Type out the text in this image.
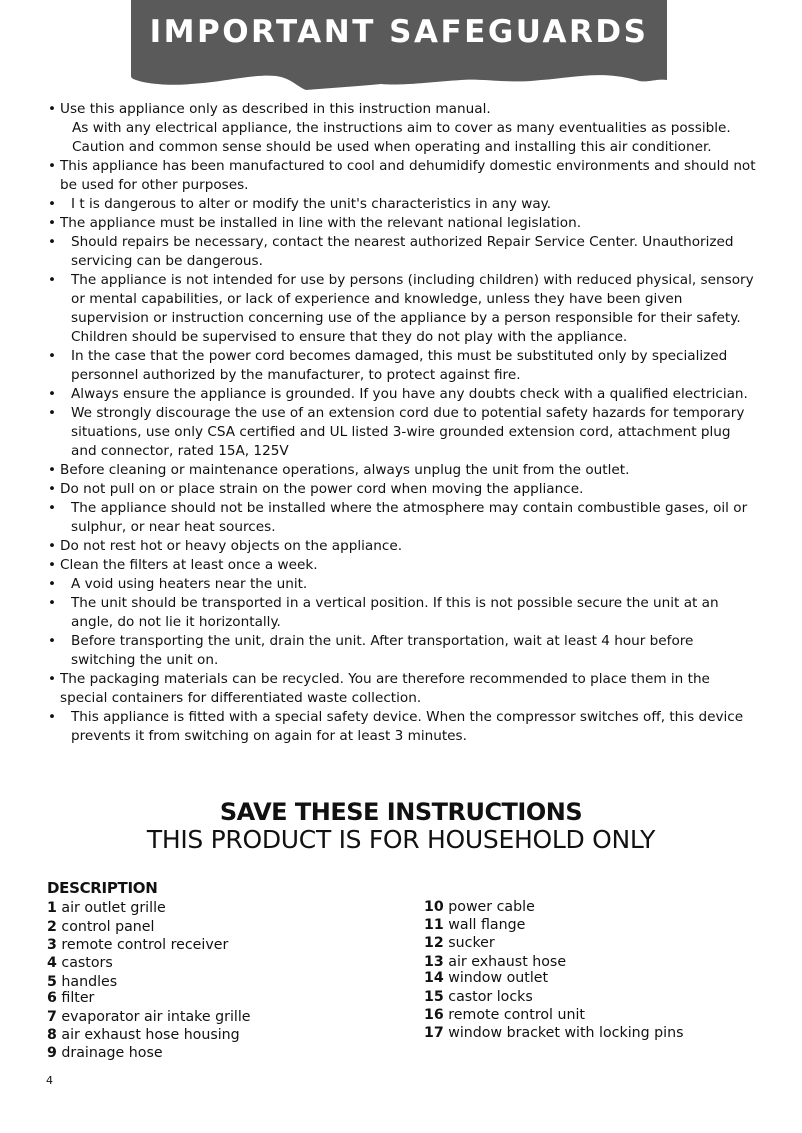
IMPORTANT SAFEGUARDS
•
Use this appliance only as described in this instruction manual.
As with any electrical appliance, the instructions aim to cover as many eventualities as possible. Caution and common sense should be used when operating and installing this air conditioner.
•
This appliance has been manufactured to cool and dehumidify domestic environments and should not be used for other purposes.
•
I t is dangerous to alter or modify the unit's characteristics in any way.
•
The appliance must be installed in line with the relevant national legislation.
•
Should repairs be necessary, contact the nearest authorized Repair Service Center. Unauthorized servicing can be dangerous.
•
The appliance is not intended for use by persons (including children) with reduced physical, sensory or mental capabilities, or lack of experience and knowledge, unless they have been given supervision or instruction concerning use of the appliance by a person responsible for their safety. Children should be supervised to ensure that they do not play with the appliance.
•
In the case that the power cord becomes damaged, this must be substituted only by specialized personnel authorized by the manufacturer, to protect against fire.
•
Always ensure the appliance is grounded. If you have any doubts check with a qualified electrician.
•
We strongly discourage the use of an extension cord due to potential safety hazards for temporary situations, use only CSA certified and UL listed 3-wire grounded extension cord, attachment plug and connector, rated 15A, 125V
•
Before cleaning or maintenance operations, always unplug the unit from the outlet.
•
Do not pull on or place strain on the power cord when moving the appliance.
•
The appliance should not be installed where the atmosphere may contain combustible gases, oil or sulphur, or near heat sources.
•
Do not rest hot or heavy objects on the appliance.
•
Clean the filters at least once a week.
•
A void using heaters near the unit.
•
The unit should be transported in a vertical position. If this is not possible secure the unit at an angle, do not lie it horizontally.
•
Before transporting the unit, drain the unit. After transportation, wait at least 4 hour before switching the unit on.
•
The packaging materials can be recycled. You are therefore recommended to place them in the special containers for differentiated waste collection.
•
This appliance is fitted with a special safety device. When the compressor switches off, this device prevents it from switching on again for at least 3 minutes.
SAVE THESE INSTRUCTIONS
THIS PRODUCT IS FOR HOUSEHOLD ONLY
DESCRIPTION
1 air outlet grille
2 control panel
3 remote control receiver
4 castors
5 handles
6 filter
7 evaporator air intake grille
8 air exhaust hose housing
9 drainage hose
10 power cable
11 wall flange
12 sucker
13 air exhaust hose
14 window outlet
15 castor locks
16 remote control unit
17 window bracket with locking pins
4
